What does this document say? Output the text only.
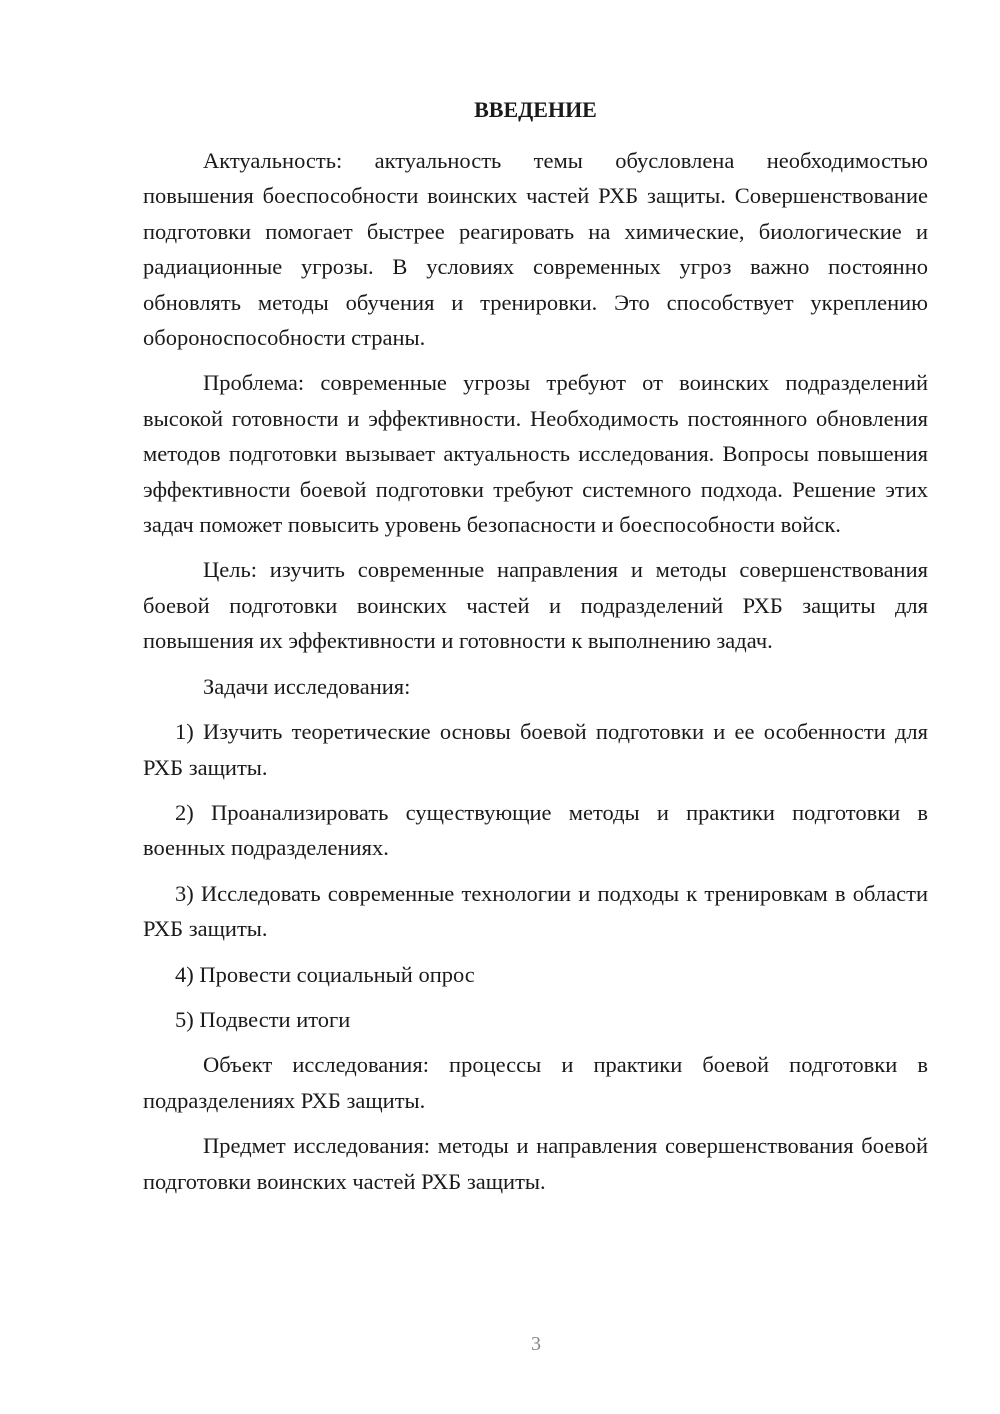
ВВЕДЕНИЕ

Актуальность: актуальность темы обусловлена необходимостью повышения боеспособности воинских частей РХБ защиты. Совершенствование подготовки помогает быстрее реагировать на химические, биологические и радиационные угрозы. В условиях современных угроз важно постоянно обновлять методы обучения и тренировки. Это способствует укреплению обороноспособности страны.

Проблема: современные угрозы требуют от воинских подразделений высокой готовности и эффективности. Необходимость постоянного обновления методов подготовки вызывает актуальность исследования. Вопросы повышения эффективности боевой подготовки требуют системного подхода. Решение этих задач поможет повысить уровень безопасности и боеспособности войск.

Цель: изучить современные направления и методы совершенствования боевой подготовки воинских частей и подразделений РХБ защиты для повышения их эффективности и готовности к выполнению задач.

Задачи исследования:

1) Изучить теоретические основы боевой подготовки и ее особенности для РХБ защиты.

2) Проанализировать существующие методы и практики подготовки в военных подразделениях.

3) Исследовать современные технологии и подходы к тренировкам в области РХБ защиты.

4) Провести социальный опрос

5) Подвести итоги

Объект исследования: процессы и практики боевой подготовки в подразделениях РХБ защиты.

Предмет исследования: методы и направления совершенствования боевой подготовки воинских частей РХБ защиты.

3
